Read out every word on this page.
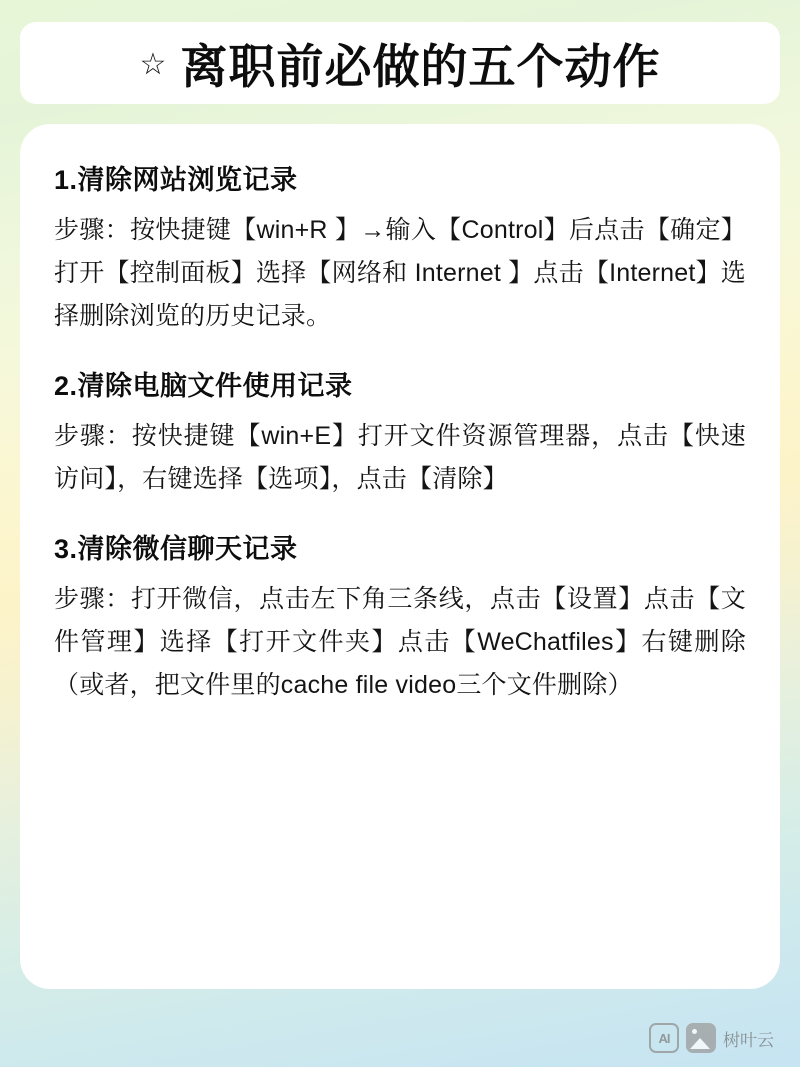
☆ 离职前必做的五个动作
1.清除网站浏览记录

步骤：按快捷键【win+R 】→输入【Control】后点击【确定】打开【控制面板】选择【网络和 Internet 】点击【Internet】选择删除浏览的历史记录。

2.清除电脑文件使用记录

步骤：按快捷键【win+E】打开文件资源管理器，点击【快速访问】，右键选择【选项】，点击【清除】

3.清除微信聊天记录

步骤：打开微信，点击左下角三条线，点击【设置】点击【文件管理】选择【打开文件夹】点击【WeChatfiles】右键删除（或者，把文件里的cache file video三个文件删除）

AI	树叶云
